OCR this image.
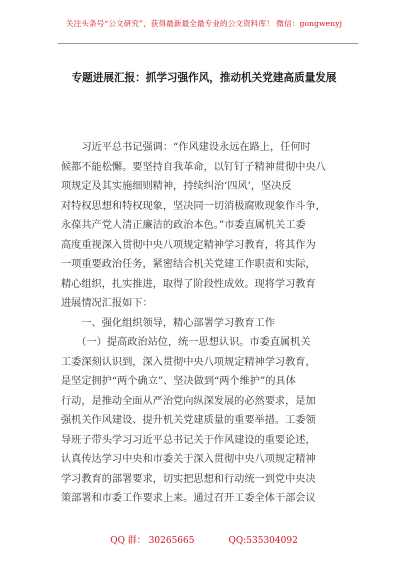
关注头条号“公文研究”，获得最新最全最专业的公文资料库！ 微信：gongwenyj
专题进展汇报：抓学习强作风，推动机关党建高质量发展

　　习近平总书记强调：“作风建设永远在路上，任何时

候都不能松懈。要坚持自我革命，以钉钉子精神贯彻中央八

项规定及其实施细则精神，持续纠治‘四风’，坚决反

对特权思想和特权现象，坚决同一切消极腐败现象作斗争，

永葆共产党人清正廉洁的政治本色。”市委直属机关工委

高度重视深入贯彻中央八项规定精神学习教育，将其作为

一项重要政治任务，紧密结合机关党建工作职责和实际，

精心组织，扎实推进，取得了阶段性成效。现将学习教育

进展情况汇报如下：

　　一、强化组织领导，精心部署学习教育工作

　　（一）提高政治站位，统一思想认识。市委直属机关

工委深刻认识到，深入贯彻中央八项规定精神学习教育，

是坚定拥护“两个确立”、坚决做到“两个维护”的具体

行动，是推动全面从严治党向纵深发展的必然要求，是加

强机关作风建设、提升机关党建质量的重要举措。工委领

导班子带头学习习近平总书记关于作风建设的重要论述，

认真传达学习中央和市委关于深入贯彻中央八项规定精神

学习教育的部署要求，切实把思想和行动统一到党中央决

策部署和市委工作要求上来。通过召开工委全体干部会议

QQ 群： 30265665	QQ:535304092
